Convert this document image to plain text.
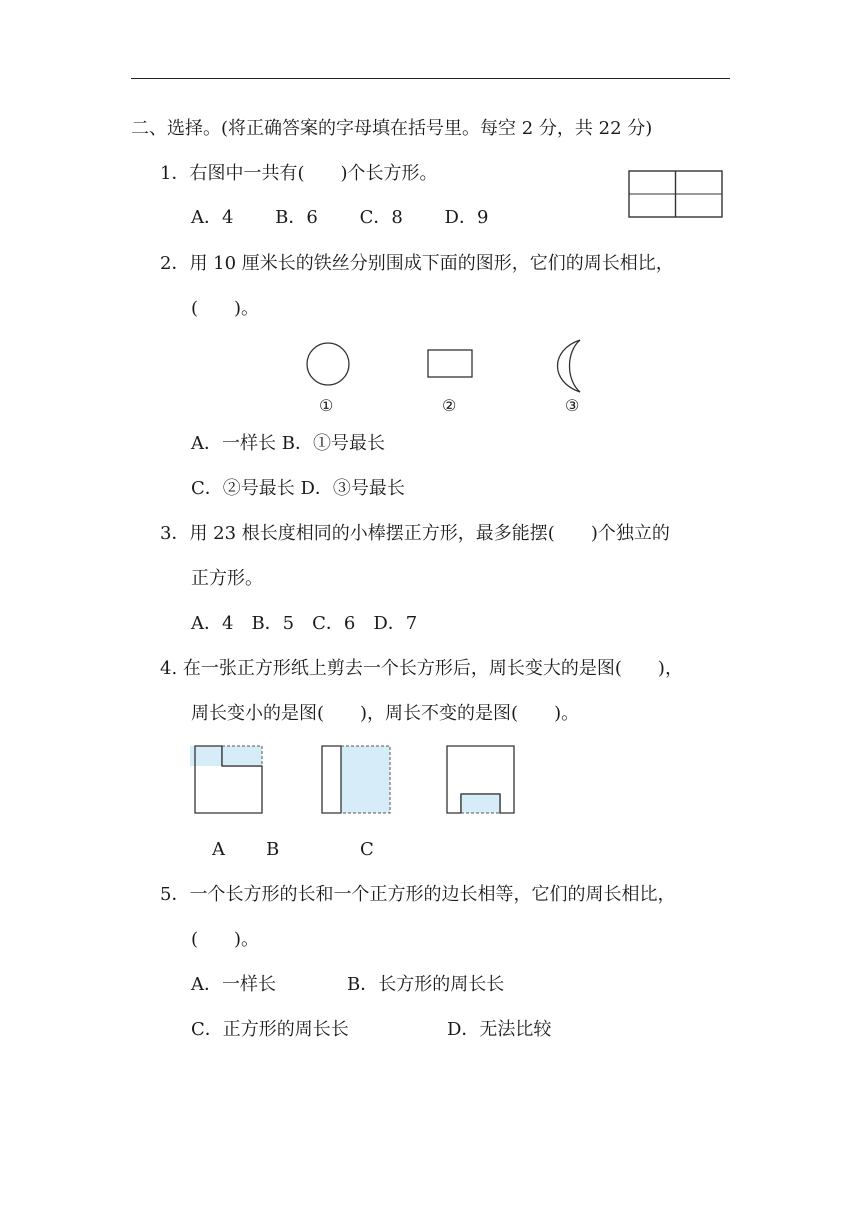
二、选择。(将正确答案的字母填在括号里。每空 2 分，共 22 分)
1．右图中一共有(　　)个长方形。
A．4　　 B．6　　 C．8　　 D．9
2．用 10 厘米长的铁丝分别围成下面的图形，它们的周长相比，
(　　)。
①	②	③
A．一样长 B．①号最长
C．②号最长 D．③号最长
3．用 23 根长度相同的小棒摆正方形，最多能摆(　　)个独立的
正方形。
A．4　B．5　C．6　D．7
4. 在一张正方形纸上剪去一个长方形后，周长变大的是图(　　)，
周长变小的是图(　　)，周长不变的是图(　　)。
A B	C
5．一个长方形的长和一个正方形的边长相等，它们的周长相比，
(　　)。
A．一样长	B．长方形的周长长
C．正方形的周长长	D．无法比较
